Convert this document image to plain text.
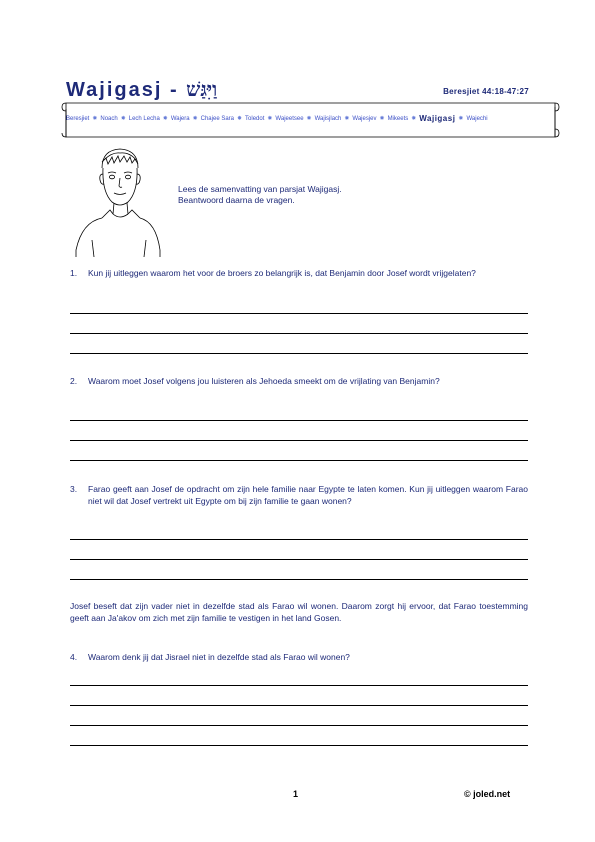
Wajigasj - וַיִּגַּשׁ	Beresjiet 44:18-47:27
Beresjiet ✸ Noach ✸ Lech Lecha ✸ Wajera ✸ Chajee Sara ✸ Toledot ✸ Wajeetsee ✸ Wajisjlach ✸ Wajesjev ✸ Mikeets ✸ Wajigasj ✸ Wajechi
Lees de samenvatting van parsjat Wajigasj.
Beantwoord daarna de vragen.
1.	Kun jij uitleggen waarom het voor de broers zo belangrijk is, dat Benjamin door Josef wordt vrijgelaten?
2.	Waarom moet Josef volgens jou luisteren als Jehoeda smeekt om de vrijlating van Benjamin?
3.	Farao geeft aan Josef de opdracht om zijn hele familie naar Egypte te laten komen. Kun jij uitleggen waarom Farao niet wil dat Josef vertrekt uit Egypte om bij zijn familie te gaan wonen?
Josef beseft dat zijn vader niet in dezelfde stad als Farao wil wonen. Daarom zorgt hij ervoor, dat Farao toestemming geeft aan Ja'akov om zich met zijn familie te vestigen in het land Gosen.
4.	Waarom denk jij dat Jisrael niet in dezelfde stad als Farao wil wonen?
1	© joled.net
